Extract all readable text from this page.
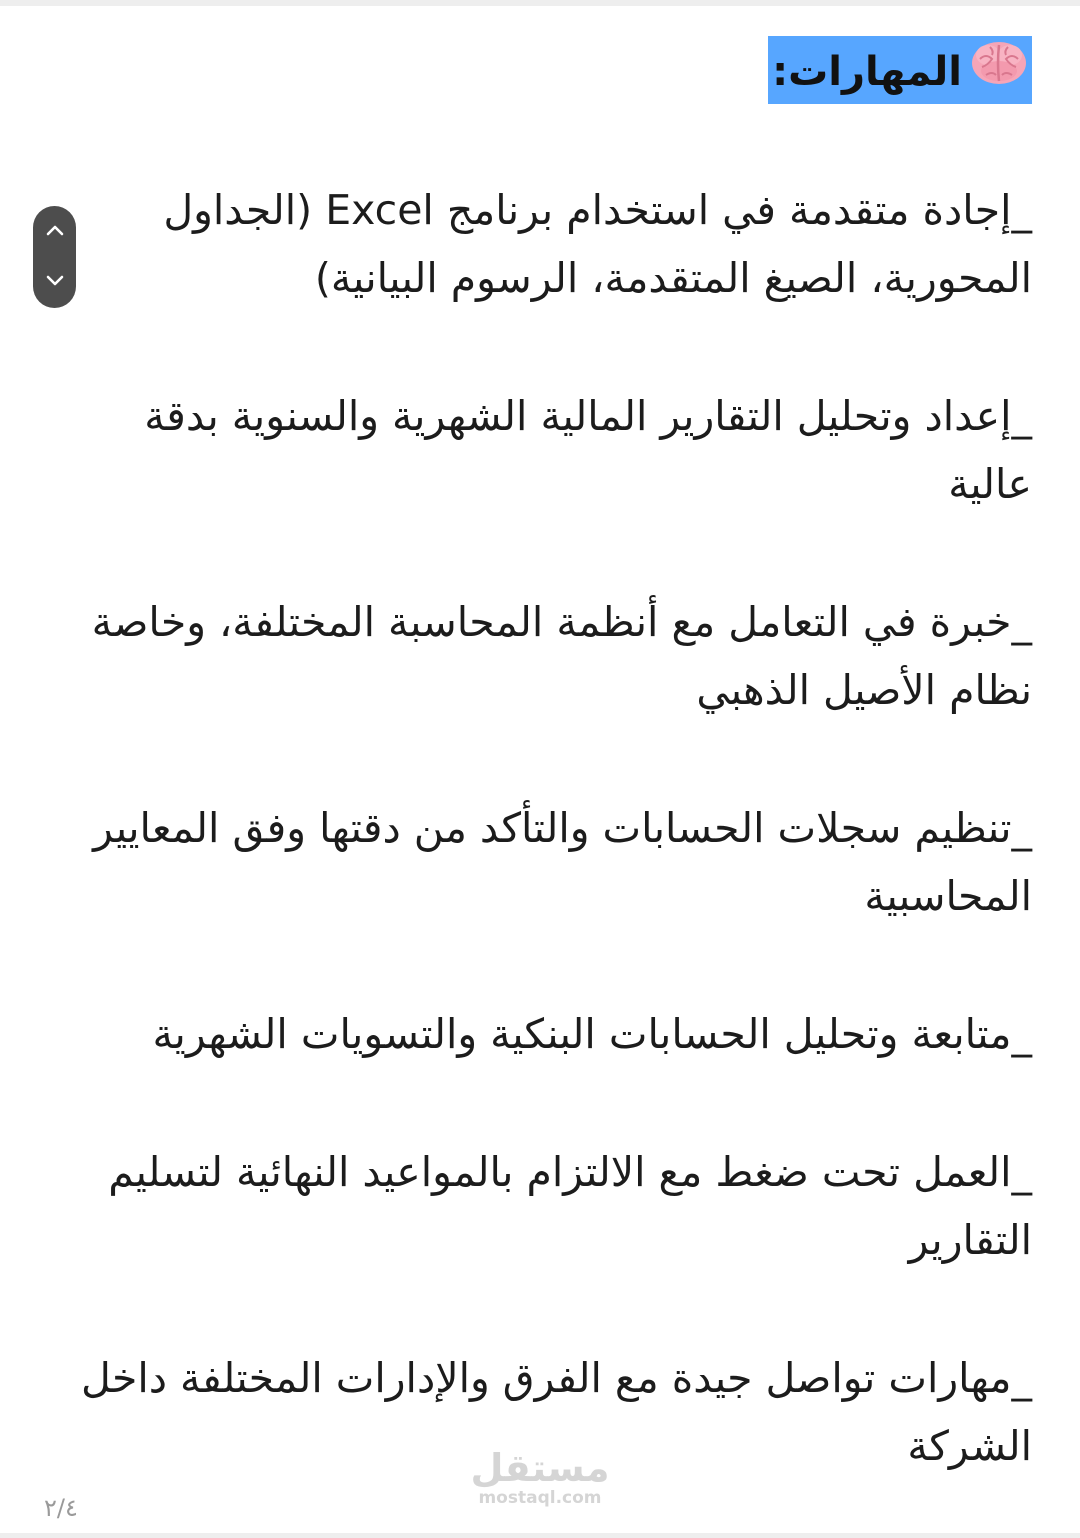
المهارات:
_إجادة متقدمة في استخدام برنامج Excel (الجداول المحورية، الصيغ المتقدمة، الرسوم البيانية)
_إعداد وتحليل التقارير المالية الشهرية والسنوية بدقة عالية
_خبرة في التعامل مع أنظمة المحاسبة المختلفة، وخاصة نظام الأصيل الذهبي
_تنظيم سجلات الحسابات والتأكد من دقتها وفق المعايير المحاسبية
_متابعة وتحليل الحسابات البنكية والتسويات الشهرية
_العمل تحت ضغط مع الالتزام بالمواعيد النهائية لتسليم التقارير
_مهارات تواصل جيدة مع الفرق والإدارات المختلفة داخل الشركة
مستقل
mostaql.com
٢/٤
